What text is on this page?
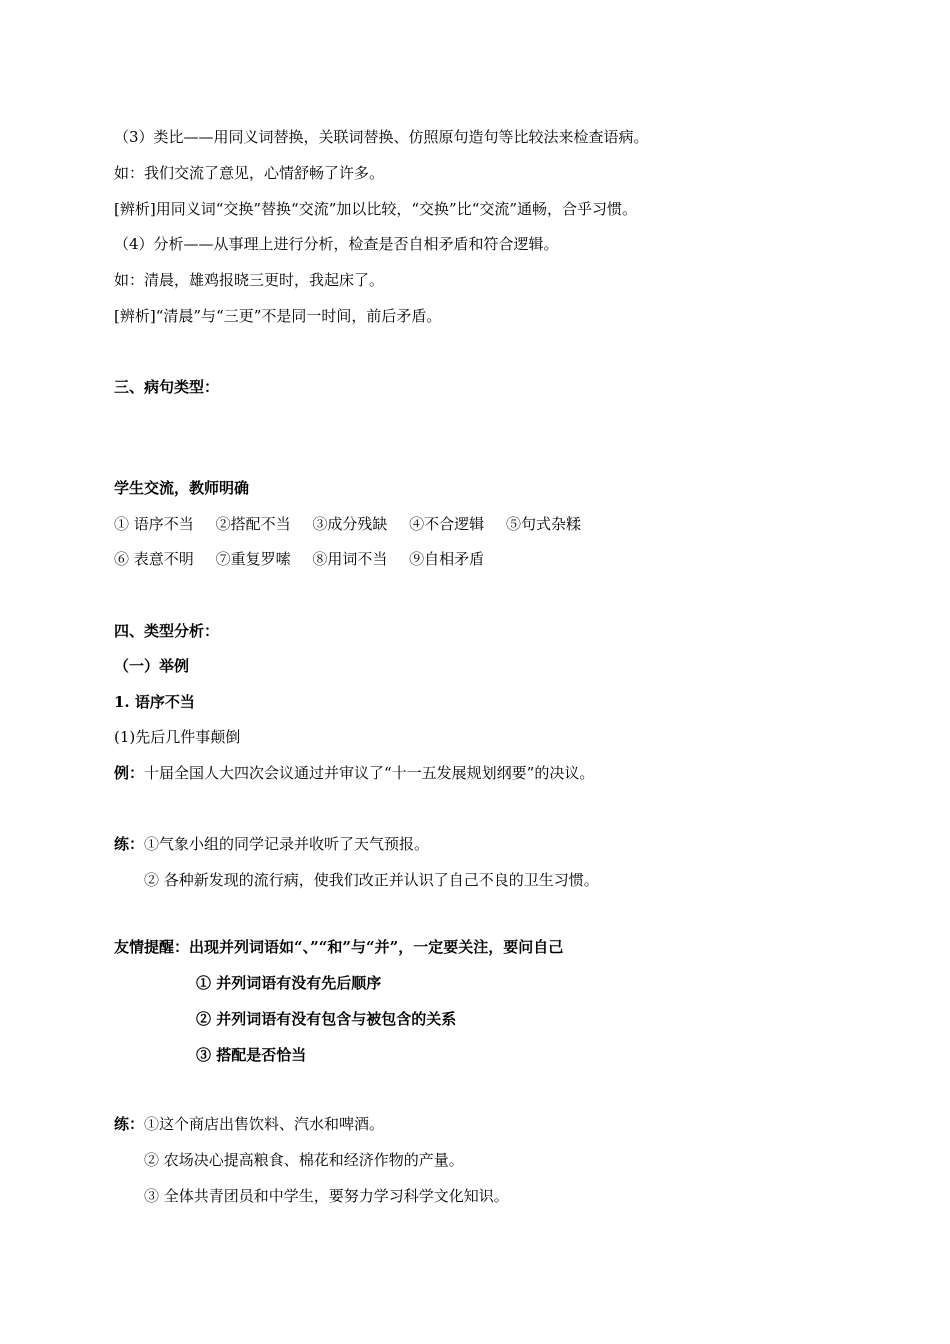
（3）类比——用同义词替换，关联词替换、仿照原句造句等比较法来检查语病。
如：我们交流了意见，心情舒畅了许多。
[辨析]用同义词“交换”替换“交流”加以比较，“交换”比“交流”通畅，合乎习惯。
（4）分析——从事理上进行分析，检查是否自相矛盾和符合逻辑。
如：清晨，雄鸡报晓三更时，我起床了。
[辨析]“清晨”与“三更”不是同一时间，前后矛盾。
三、病句类型：
学生交流，教师明确
① 语序不当 ②搭配不当 ③成分残缺 ④不合逻辑 ⑤句式杂糅
⑥ 表意不明 ⑦重复罗嗦 ⑧用词不当 ⑨自相矛盾
四、类型分析：
（一）举例
1. 语序不当
(1)先后几件事颠倒
例：十届全国人大四次会议通过并审议了“十一五发展规划纲要”的决议。
练：①气象小组的同学记录并收听了天气预报。
② 各种新发现的流行病，使我们改正并认识了自己不良的卫生习惯。
友情提醒：出现并列词语如“、”“和”与“并”，一定要关注，要问自己
① 并列词语有没有先后顺序
② 并列词语有没有包含与被包含的关系
③ 搭配是否恰当
练：①这个商店出售饮料、汽水和啤酒。
② 农场决心提高粮食、棉花和经济作物的产量。
③ 全体共青团员和中学生，要努力学习科学文化知识。
